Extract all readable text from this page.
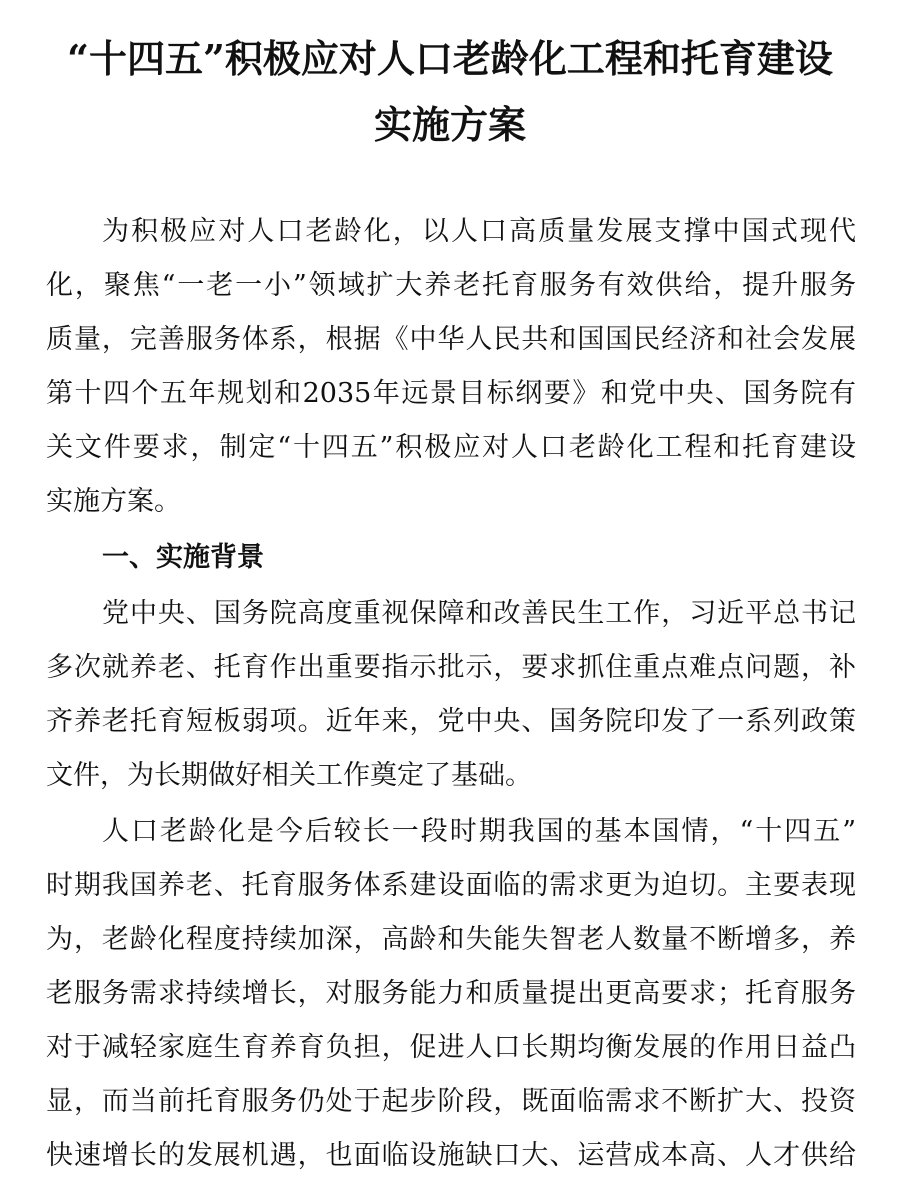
“十四五”积极应对人口老龄化工程和托育建设
实施方案
为积极应对人口老龄化，以人口高质量发展支撑中国式现代
化，聚焦“一老一小”领域扩大养老托育服务有效供给，提升服务
质量，完善服务体系，根据《中华人民共和国国民经济和社会发展
第十四个五年规划和2035年远景目标纲要》和党中央、国务院有
关文件要求，制定“十四五”积极应对人口老龄化工程和托育建设
实施方案。
一、实施背景
党中央、国务院高度重视保障和改善民生工作，习近平总书记
多次就养老、托育作出重要指示批示，要求抓住重点难点问题，补
齐养老托育短板弱项。近年来，党中央、国务院印发了一系列政策
文件，为长期做好相关工作奠定了基础。
人口老龄化是今后较长一段时期我国的基本国情，“十四五”
时期我国养老、托育服务体系建设面临的需求更为迫切。主要表现
为，老龄化程度持续加深，高龄和失能失智老人数量不断增多，养
老服务需求持续增长，对服务能力和质量提出更高要求；托育服务
对于减轻家庭生育养育负担，促进人口长期均衡发展的作用日益凸
显，而当前托育服务仍处于起步阶段，既面临需求不断扩大、投资
快速增长的发展机遇，也面临设施缺口大、运营成本高、人才供给
